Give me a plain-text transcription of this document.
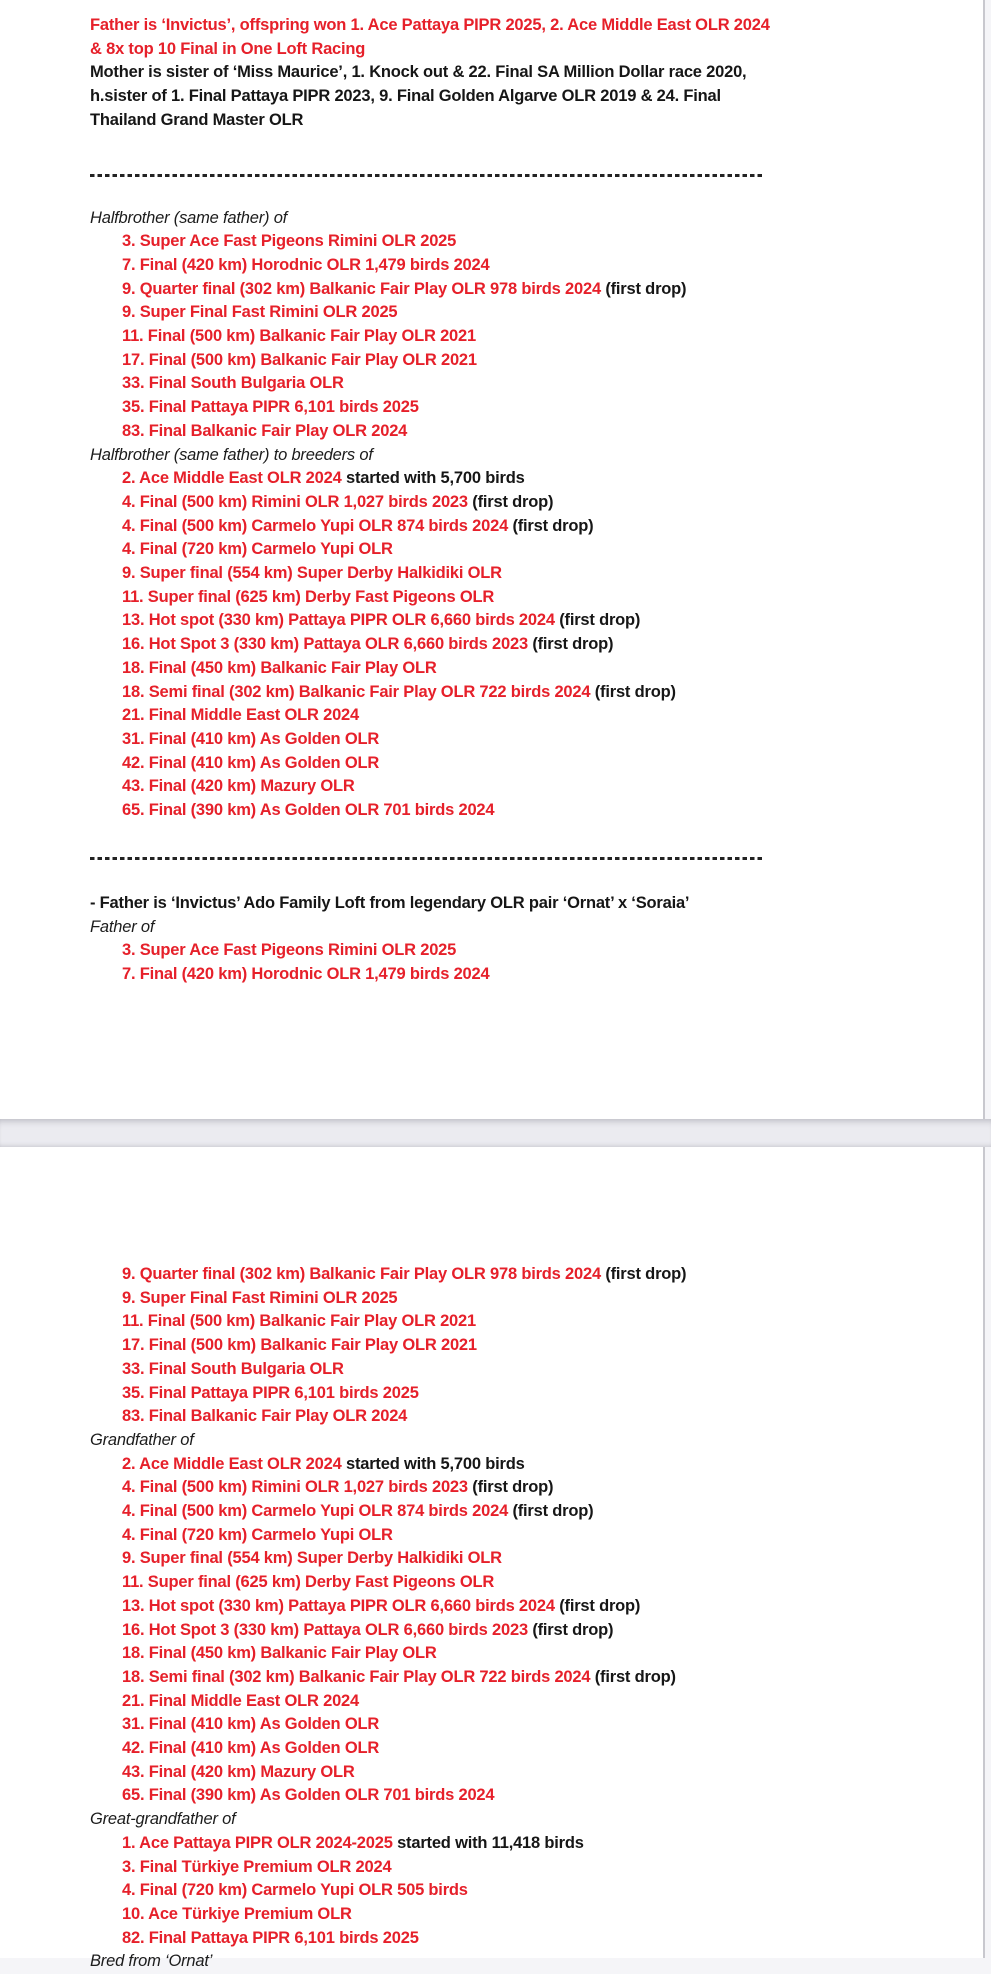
Father is ‘Invictus’, offspring won 1. Ace Pattaya PIPR 2025, 2. Ace Middle East OLR 2024
& 8x top 10 Final in One Loft Racing
Mother is sister of ‘Miss Maurice’, 1. Knock out & 22. Final SA Million Dollar race 2020,
h.sister of 1. Final Pattaya PIPR 2023, 9. Final Golden Algarve OLR 2019 & 24. Final
Thailand Grand Master OLR
Halfbrother (same father) of
3. Super Ace Fast Pigeons Rimini OLR 2025
7. Final (420 km) Horodnic OLR 1,479 birds 2024
9. Quarter final (302 km) Balkanic Fair Play OLR 978 birds 2024 (first drop)
9. Super Final Fast Rimini OLR 2025
11. Final (500 km) Balkanic Fair Play OLR 2021
17. Final (500 km) Balkanic Fair Play OLR 2021
33. Final South Bulgaria OLR
35. Final Pattaya PIPR 6,101 birds 2025
83. Final Balkanic Fair Play OLR 2024
Halfbrother (same father) to breeders of
2. Ace Middle East OLR 2024 started with 5,700 birds
4. Final (500 km) Rimini OLR 1,027 birds 2023 (first drop)
4. Final (500 km) Carmelo Yupi OLR 874 birds 2024 (first drop)
4. Final (720 km) Carmelo Yupi OLR
9. Super final (554 km) Super Derby Halkidiki OLR
11. Super final (625 km) Derby Fast Pigeons OLR
13. Hot spot (330 km) Pattaya PIPR OLR 6,660 birds 2024 (first drop)
16. Hot Spot 3 (330 km) Pattaya OLR 6,660 birds 2023 (first drop)
18. Final (450 km) Balkanic Fair Play OLR
18. Semi final (302 km) Balkanic Fair Play OLR 722 birds 2024 (first drop)
21. Final Middle East OLR 2024
31. Final (410 km) As Golden OLR
42. Final (410 km) As Golden OLR
43. Final (420 km) Mazury OLR
65. Final (390 km) As Golden OLR 701 birds 2024
- Father is ‘Invictus’ Ado Family Loft from legendary OLR pair ‘Ornat’ x ‘Soraia’
Father of
3. Super Ace Fast Pigeons Rimini OLR 2025
7. Final (420 km) Horodnic OLR 1,479 birds 2024
9. Quarter final (302 km) Balkanic Fair Play OLR 978 birds 2024 (first drop)
9. Super Final Fast Rimini OLR 2025
11. Final (500 km) Balkanic Fair Play OLR 2021
17. Final (500 km) Balkanic Fair Play OLR 2021
33. Final South Bulgaria OLR
35. Final Pattaya PIPR 6,101 birds 2025
83. Final Balkanic Fair Play OLR 2024
Grandfather of
2. Ace Middle East OLR 2024 started with 5,700 birds
4. Final (500 km) Rimini OLR 1,027 birds 2023 (first drop)
4. Final (500 km) Carmelo Yupi OLR 874 birds 2024 (first drop)
4. Final (720 km) Carmelo Yupi OLR
9. Super final (554 km) Super Derby Halkidiki OLR
11. Super final (625 km) Derby Fast Pigeons OLR
13. Hot spot (330 km) Pattaya PIPR OLR 6,660 birds 2024 (first drop)
16. Hot Spot 3 (330 km) Pattaya OLR 6,660 birds 2023 (first drop)
18. Final (450 km) Balkanic Fair Play OLR
18. Semi final (302 km) Balkanic Fair Play OLR 722 birds 2024 (first drop)
21. Final Middle East OLR 2024
31. Final (410 km) As Golden OLR
42. Final (410 km) As Golden OLR
43. Final (420 km) Mazury OLR
65. Final (390 km) As Golden OLR 701 birds 2024
Great-grandfather of
1. Ace Pattaya PIPR OLR 2024-2025 started with 11,418 birds
3. Final Türkiye Premium OLR 2024
4. Final (720 km) Carmelo Yupi OLR 505 birds
10. Ace Türkiye Premium OLR
82. Final Pattaya PIPR 6,101 birds 2025
Bred from ‘Ornat’
